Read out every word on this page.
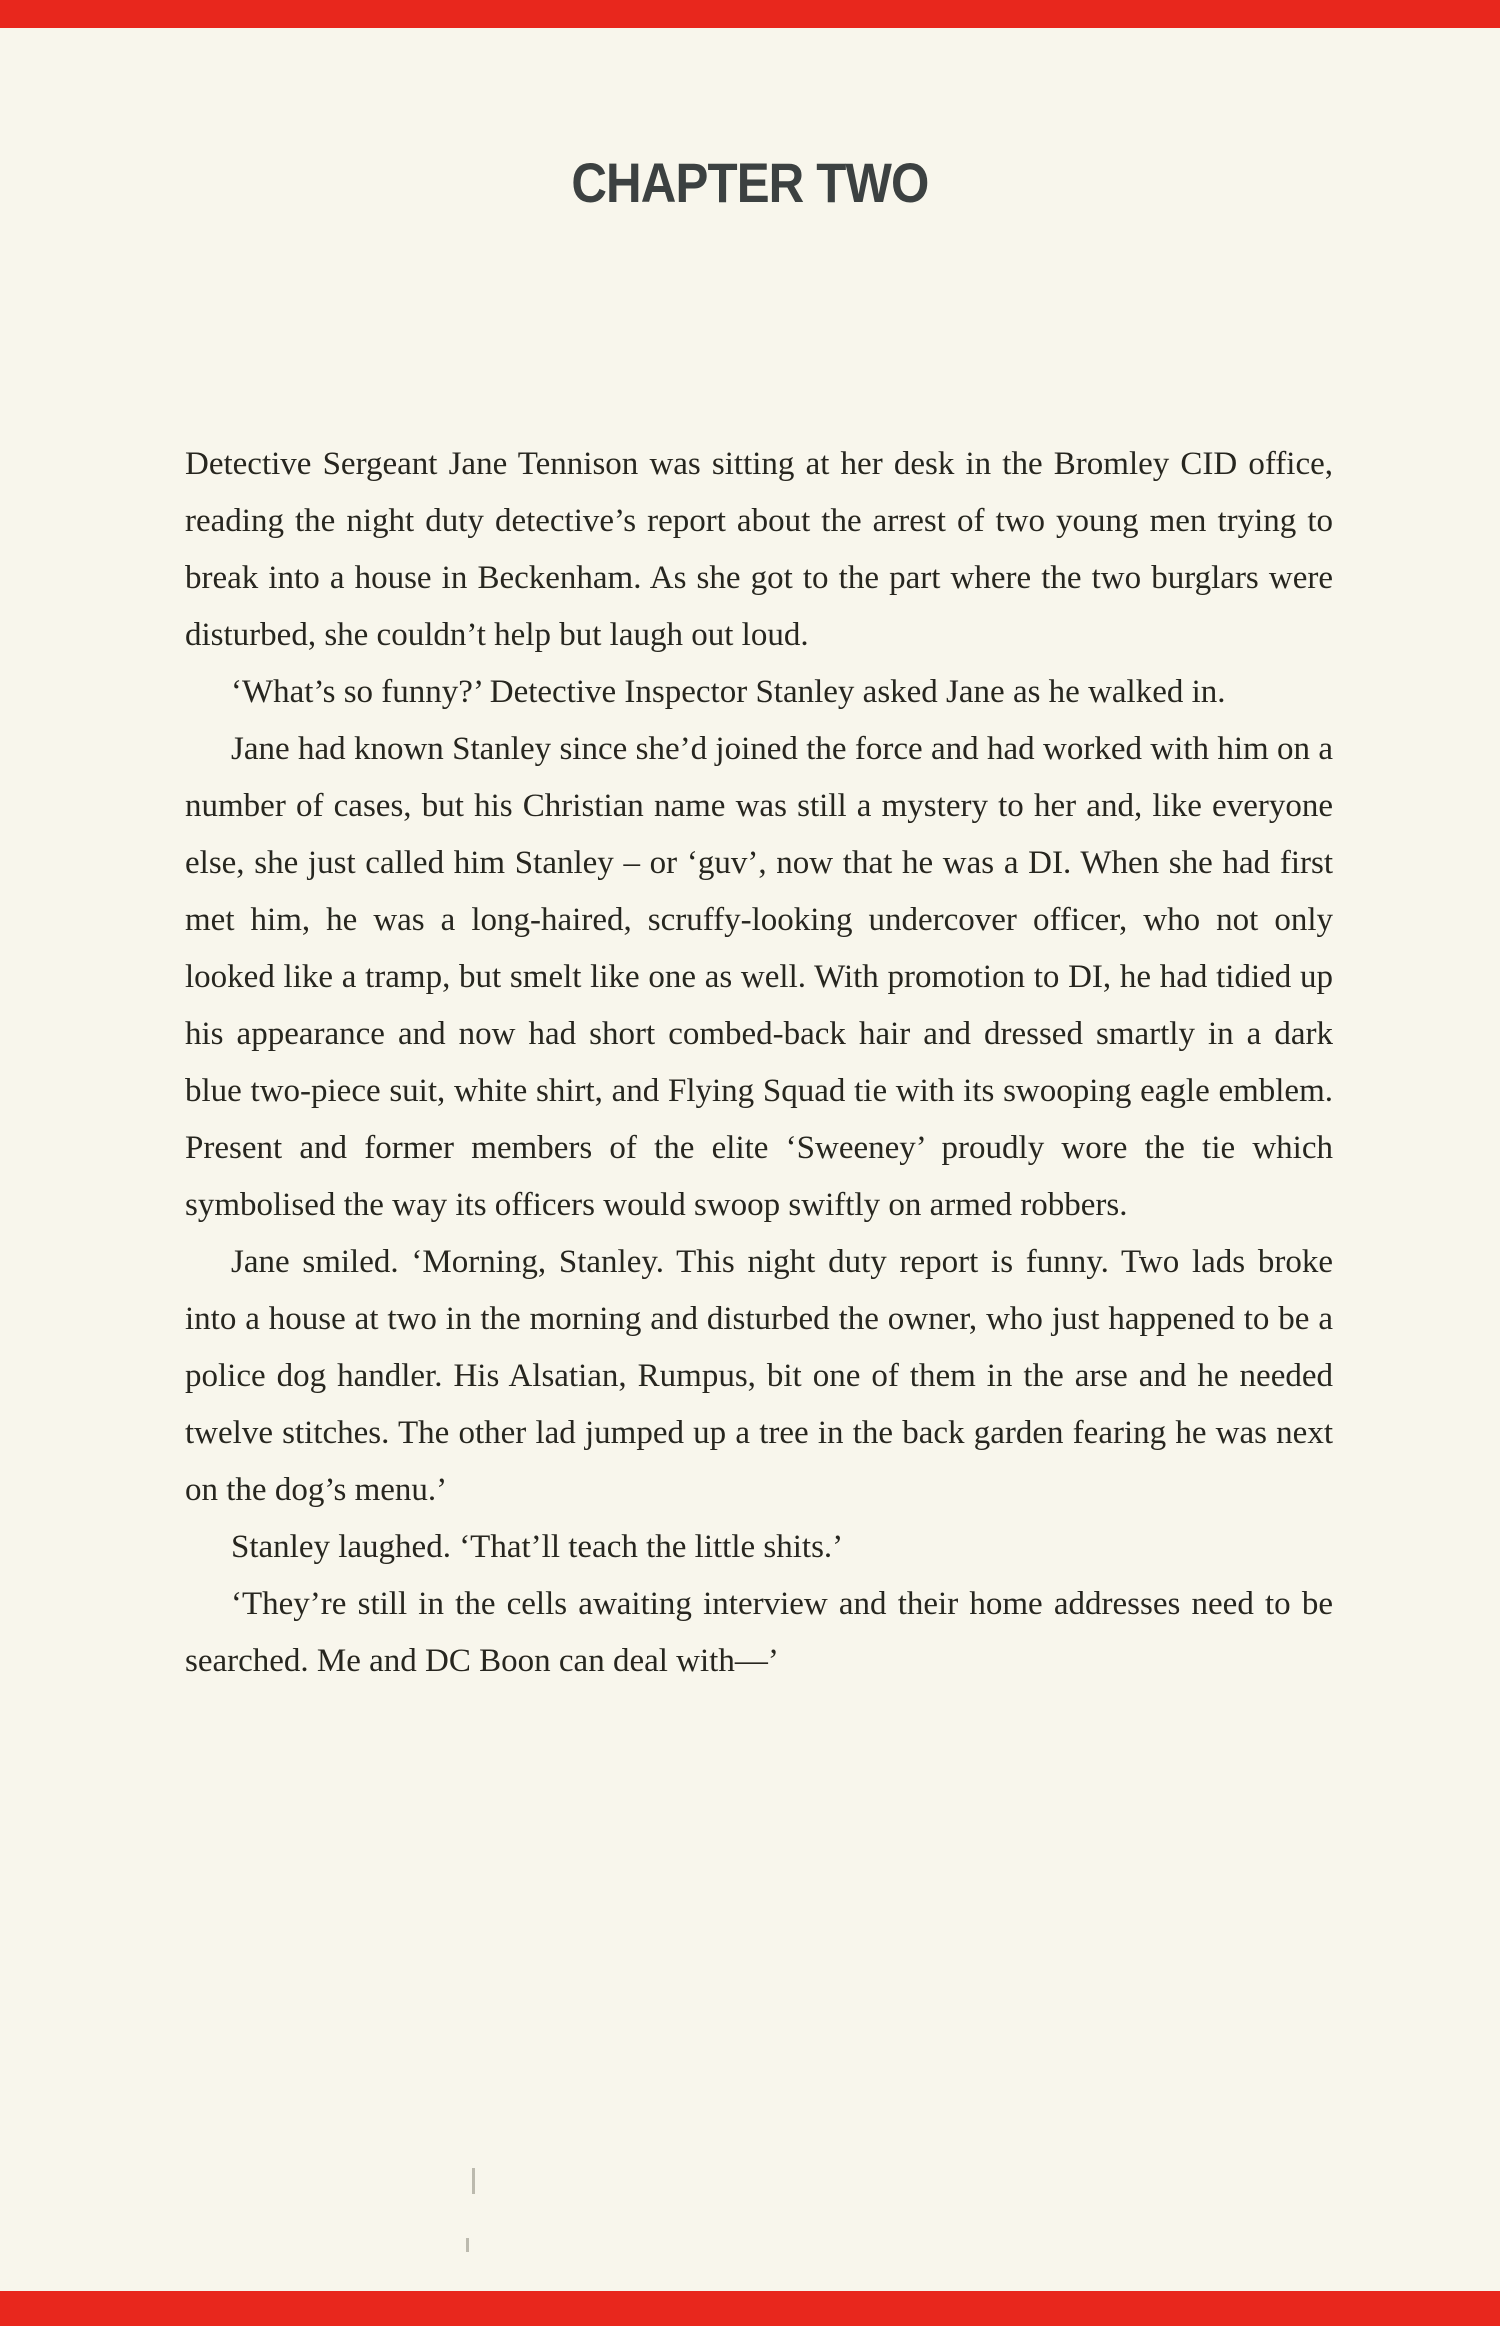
CHAPTER TWO

Detective Sergeant Jane Tennison was sitting at her desk in the Bromley CID office, reading the night duty detective’s report about the arrest of two young men trying to break into a house in Beckenham. As she got to the part where the two burglars were disturbed, she couldn’t help but laugh out loud.

‘What’s so funny?’ Detective Inspector Stanley asked Jane as he walked in.

Jane had known Stanley since she’d joined the force and had worked with him on a number of cases, but his Christian name was still a mystery to her and, like everyone else, she just called him Stanley – or ‘guv’, now that he was a DI. When she had first met him, he was a long-haired, scruffy-looking undercover officer, who not only looked like a tramp, but smelt like one as well. With promotion to DI, he had tidied up his appearance and now had short combed-back hair and dressed smartly in a dark blue two-piece suit, white shirt, and Flying Squad tie with its swooping eagle emblem. Present and former members of the elite ‘Sweeney’ proudly wore the tie which symbolised the way its officers would swoop swiftly on armed robbers.

Jane smiled. ‘Morning, Stanley. This night duty report is funny. Two lads broke into a house at two in the morning and disturbed the owner, who just happened to be a police dog handler. His Alsatian, Rumpus, bit one of them in the arse and he needed twelve stitches. The other lad jumped up a tree in the back garden fearing he was next on the dog’s menu.’

Stanley laughed. ‘That’ll teach the little shits.’

‘They’re still in the cells awaiting interview and their home addresses need to be searched. Me and DC Boon can deal with—’
